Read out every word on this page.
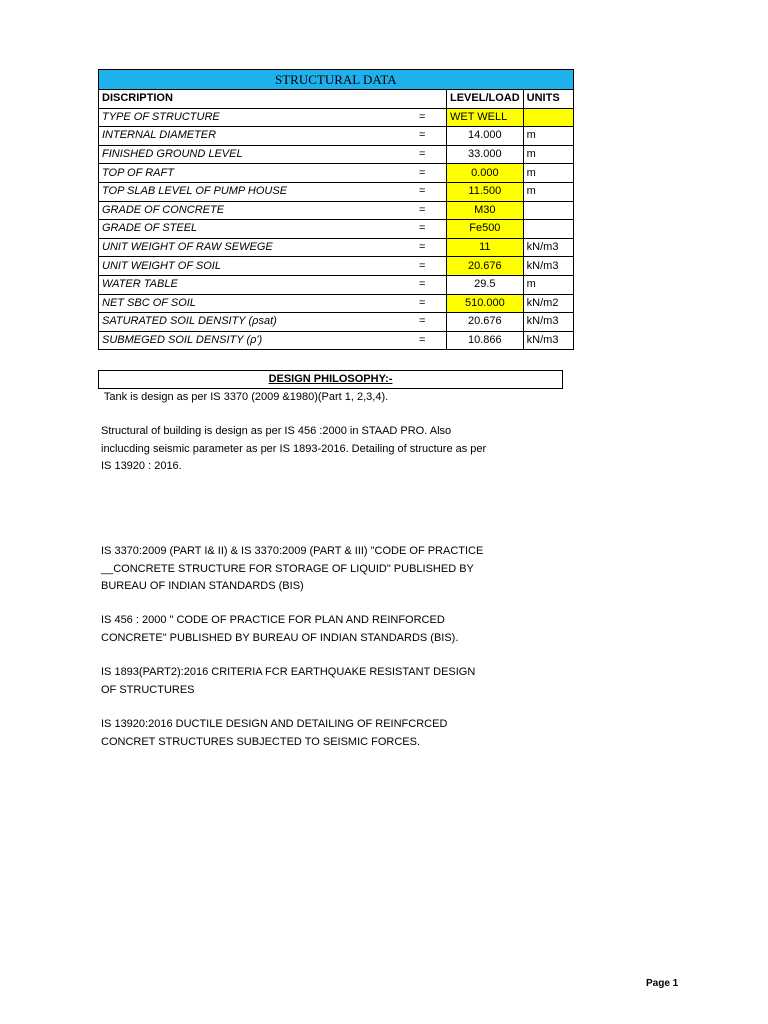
STRUCTURAL DATA			
DISCRIPTION		LEVEL/LOAD	UNITS
TYPE OF STRUCTURE	=	WET WELL	
INTERNAL DIAMETER	=	14.000	m
FINISHED GROUND LEVEL	=	33.000	m
TOP OF RAFT	=	0.000	m
TOP SLAB LEVEL OF PUMP HOUSE	=	11.500	m
GRADE OF CONCRETE	=	M30	
GRADE OF STEEL	=	Fe500	
UNIT WEIGHT OF RAW SEWEGE	=	11	kN/m3
UNIT WEIGHT OF SOIL	=	20.676	kN/m3
WATER TABLE	=	29.5	m
NET SBC OF SOIL	=	510.000	kN/m2
SATURATED SOIL DENSITY (ρsat)	=	20.676	kN/m3
SUBMEGED SOIL DENSITY (ρ')	=	10.866	kN/m3
DESIGN PHILOSOPHY:-
Tank is design as per IS 3370 (2009 &1980)(Part 1, 2,3,4).
Structural of building is design as per IS 456 :2000 in STAAD PRO. Also inclucding seismic parameter as per IS 1893-2016. Detailing of structure as per IS 13920 : 2016.
IS 3370:2009 (PART I& II) & IS 3370:2009 (PART & III) "CODE OF PRACTICE __CONCRETE STRUCTURE FOR STORAGE OF LIQUID" PUBLISHED BY BUREAU OF INDIAN STANDARDS (BIS)
IS 456 : 2000 " CODE OF PRACTICE FOR PLAN AND REINFORCED CONCRETE" PUBLISHED BY BUREAU OF INDIAN STANDARDS (BIS).
IS 1893(PART2):2016 CRITERIA FCR EARTHQUAKE RESISTANT DESIGN OF STRUCTURES
IS 13920:2016 DUCTILE DESIGN AND DETAILING OF REINFCRCED CONCRET STRUCTURES SUBJECTED TO SEISMIC FORCES.
Page 1
